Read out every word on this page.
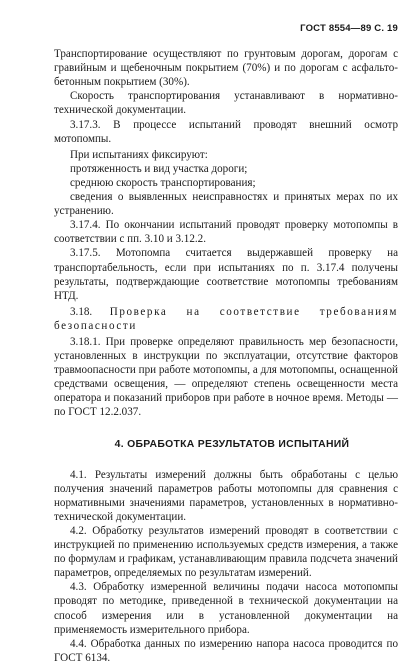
ГОСТ 8554—89 С. 19

Транспортирование осуществляют по грунтовым дорогам, дорогам с гравийным и щебеночным покрытием (70%) и по дорогам с асфальто-бетонным покрытием (30%).

Скорость транспортирования устанавливают в нормативно-технической документации.

3.17.3. В процессе испытаний проводят внешний осмотр мотопомпы.

При испытаниях фиксируют:

протяженность и вид участка дороги;

среднюю скорость транспортирования;

сведения о выявленных неисправностях и принятых мерах по их устранению.

3.17.4. По окончании испытаний проводят проверку мотопомпы в соответствии с пп. 3.10 и 3.12.2.

3.17.5. Мотопомпа считается выдержавшей проверку на транспортабельность, если при испытаниях по п. 3.17.4 получены результаты, подтверждающие соответствие мотопомпы требованиям НТД.

3.18. Проверка на соответствие требованиям безопасности

3.18.1. При проверке определяют правильность мер безопасности, установленных в инструкции по эксплуатации, отсутствие факторов травмоопасности при работе мотопомпы, а для мотопомпы, оснащенной средствами освещения, — определяют степень освещенности места оператора и показаний приборов при работе в ночное время. Методы — по ГОСТ 12.2.037.

4. ОБРАБОТКА РЕЗУЛЬТАТОВ ИСПЫТАНИЙ

4.1. Результаты измерений должны быть обработаны с целью получения значений параметров работы мотопомпы для сравнения с нормативными значениями параметров, установленных в нормативно-технической документации.

4.2. Обработку результатов измерений проводят в соответствии с инструкцией по применению используемых средств измерения, а также по формулам и графикам, устанавливающим правила подсчета значений параметров, определяемых по результатам измерений.

4.3. Обработку измеренной величины подачи насоса мотопомпы проводят по методике, приведенной в технической документации на способ измерения или в установленной документации на применяемость измерительного прибора.

4.4. Обработка данных по измерению напора насоса проводится по ГОСТ 6134.
